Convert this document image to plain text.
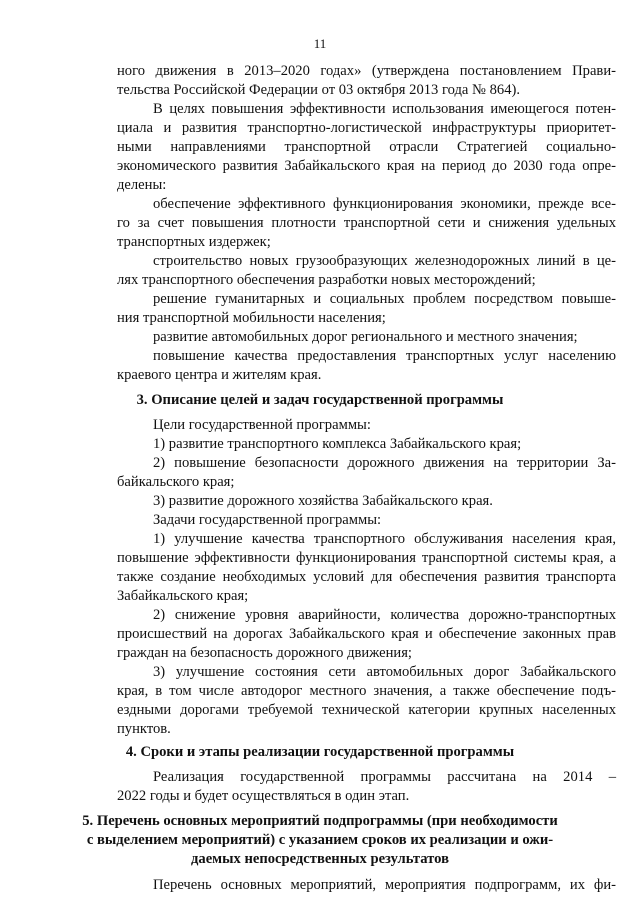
11
ного движения в 2013–2020 годах» (утверждена постановлением Прави-
тельства Российской Федерации от 03 октября 2013 года № 864).
В целях повышения эффективности использования имеющегося потен-
циала и развития транспортно-логистической инфраструктуры приоритет-
ными направлениями транспортной отрасли Стратегией социально-
экономического развития Забайкальского края на период до 2030 года опре-
делены:
обеспечение эффективного функционирования экономики, прежде все-
го за счет повышения плотности транспортной сети и снижения удельных
транспортных издержек;
строительство новых грузообразующих железнодорожных линий в це-
лях транспортного обеспечения разработки новых месторождений;
решение гуманитарных и социальных проблем посредством повыше-
ния транспортной мобильности населения;
развитие автомобильных дорог регионального и местного значения;
повышение качества предоставления транспортных услуг населению
краевого центра и жителям края.
3. Описание целей и задач государственной программы
Цели государственной программы:
1) развитие транспортного комплекса Забайкальского края;
2) повышение безопасности дорожного движения на территории За-
байкальского края;
3) развитие дорожного хозяйства Забайкальского края.
Задачи государственной программы:
1) улучшение качества транспортного обслуживания населения края,
повышение эффективности функционирования транспортной системы края, а
также создание необходимых условий для обеспечения развития транспорта
Забайкальского края;
2) снижение уровня аварийности, количества дорожно-транспортных
происшествий на дорогах Забайкальского края и обеспечение законных прав
граждан на безопасность дорожного движения;
3) улучшение состояния сети автомобильных дорог Забайкальского
края, в том числе автодорог местного значения, а также обеспечение подъ-
ездными дорогами требуемой технической категории крупных населенных
пунктов.
4. Сроки и этапы реализации государственной программы
Реализация государственной программы рассчитана на 2014 –
2022 годы и будет осуществляться в один этап.
5. Перечень основных мероприятий подпрограммы (при необходимости
с выделением мероприятий) с указанием сроков их реализации и ожи-
даемых непосредственных результатов
Перечень основных мероприятий, мероприятия подпрограмм, их фи-
